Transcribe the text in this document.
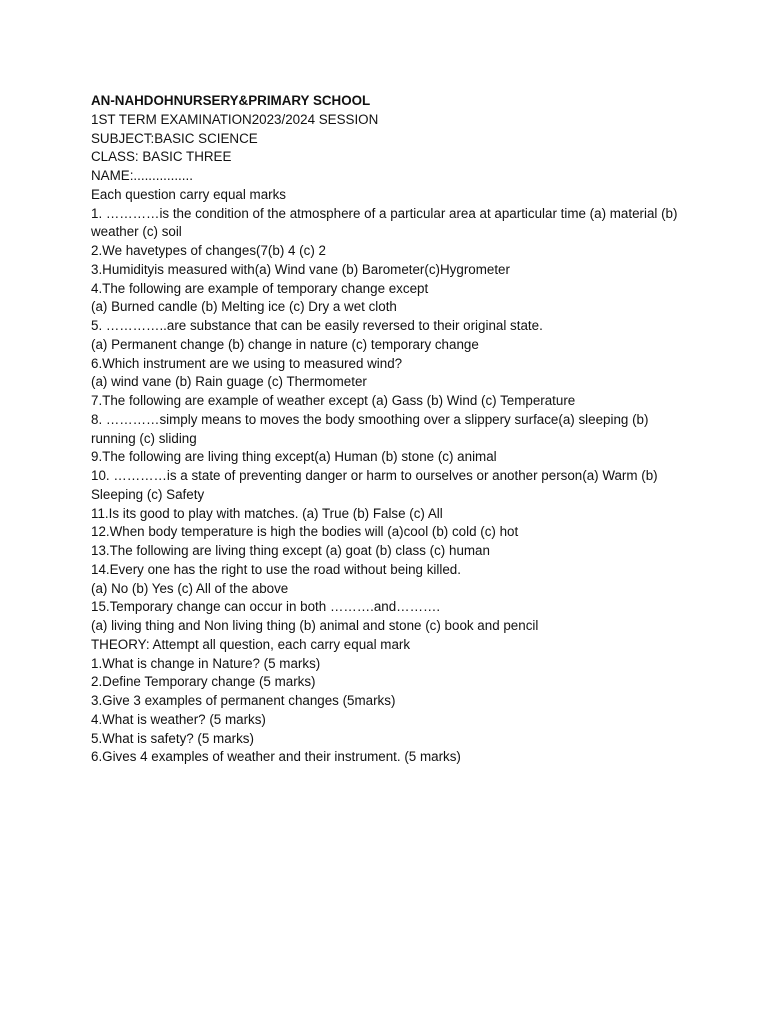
AN-NAHDOHNURSERY&PRIMARY SCHOOL
1ST TERM EXAMINATION2023/2024 SESSION
SUBJECT:BASIC SCIENCE
CLASS: BASIC THREE
NAME:................
Each question carry equal marks
1. …………is the condition of the atmosphere of a particular area at aparticular time (a) material (b) weather (c) soil
2.We havetypes of changes(7(b) 4 (c) 2
3.Humidityis measured with(a) Wind vane (b) Barometer(c)Hygrometer
4.The following are example of temporary change except
(a) Burned candle (b) Melting ice (c) Dry a wet cloth
5. …………..are substance that can be easily reversed to their original state.
(a) Permanent change (b) change in nature (c) temporary change
6.Which instrument are we using to measured wind?
(a) wind vane (b) Rain guage (c) Thermometer
7.The following are example of weather except (a) Gass (b) Wind (c) Temperature
8. …………simply means to moves the body smoothing over a slippery surface(a) sleeping (b) running (c) sliding
9.The following are living thing except(a) Human (b) stone (c) animal
10. …………is a state of preventing danger or harm to ourselves or another person(a) Warm (b) Sleeping (c) Safety
11.Is its good to play with matches. (a) True (b) False (c) All
12.When body temperature is high the bodies will (a)cool (b) cold (c) hot
13.The following are living thing except (a) goat (b) class (c) human
14.Every one has the right to use the road without being killed.
(a) No (b) Yes (c) All of the above
15.Temporary change can occur in both ……….and……….
(a) living thing and Non living thing (b) animal and stone (c) book and pencil
THEORY: Attempt all question, each carry equal mark
1.What is change in Nature? (5 marks)
2.Define Temporary change (5 marks)
3.Give 3 examples of permanent changes (5marks)
4.What is weather? (5 marks)
5.What is safety? (5 marks)
6.Gives 4 examples of weather and their instrument. (5 marks)
